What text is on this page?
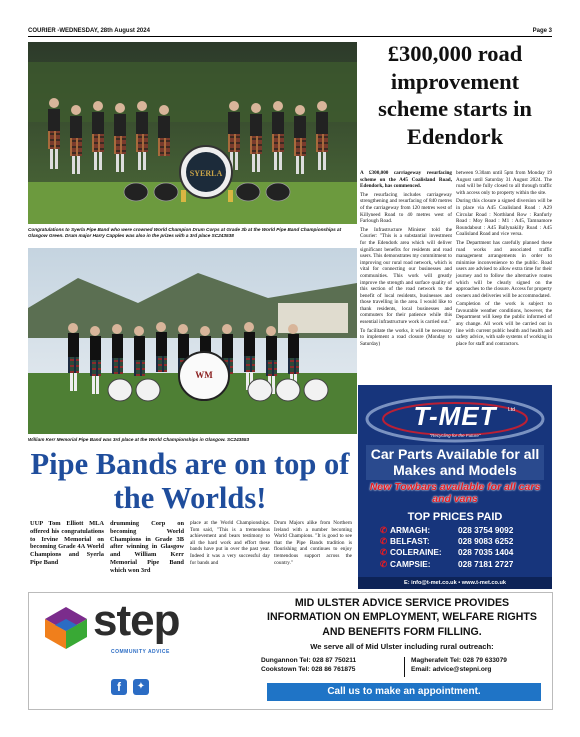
COURIER -WEDNESDAY, 28th August 2024	Page 3
SYERLA
Congratulations to Syerla Pipe Band who were crowned World Champion Drum Corps at Grade 3b at the World Pipe Band Championships at Glasgow Green. Drum major Harry Capples was also in the prizes with a 3rd place SC243538
WM
William Kerr Memorial Pipe Band was 3rd place at the World Championships in Glasgow. SC243553
£300,000 road improvement scheme starts in Edendork

A £300,000 carriageway resurfacing scheme on the A45 Coalisland Road, Edendork, has commenced.

The resurfacing includes carriageway strengthening and resurfacing of 840 metres of the carriageway from 120 metres west of Killyneed Road to 40 metres west of Farlough Road.

The Infrastructure Minister told the Courier: "This is a substantial investment for the Edendork area which will deliver significant benefits for residents and road users. This demonstrates my commitment to improving our rural road network, which is vital for connecting our businesses and communities. This work will greatly improve the strength and surface quality of this section of the road network to the benefit of local residents, businesses and those travelling in the area. I would like to thank residents, local businesses and commuters for their patience while this essential infrastructure work is carried out."

To facilitate the works, it will be necessary to implement a road closure (Monday to Saturday)

between 9.30am until 5pm from Monday 19 August until Saturday 31 August 2024. The road will be fully closed to all through traffic with access only to property within the site.

During this closure a signed diversion will be in place via A45 Coalisland Road : A29 Circular Road : Northland Row : Ranfurly Road : Moy Road : M1 : A45, Tamnamore Roundabout : A45 Ballynakilly Road : A45 Coalisland Road and vice versa.

The Department has carefully planned these road works and associated traffic management arrangements in order to minimise inconvenience to the public. Road users are advised to allow extra time for their journey and to follow the alternative routes which will be clearly signed on the approaches to the closure. Access for property owners and deliveries will be accommodated.

Completion of the work is subject to favourable weather conditions, however, the Department will keep the public informed of any change. All work will be carried out in line with current public health and health and safety advice, with safe systems of working in place for staff and contractors.

Pipe Bands are on top of the Worlds!
UUP Tom Elliott MLA offered his congratulations to Irvine Memorial on becoming Grade 4A World Champions and Syerla Pipe Band
drumming Corp on becoming World Champions in Grade 3B after winning in Glasgow and William Kerr Memorial Pipe Band which won 3rd
place at the World Championships. Tom said, "This is a tremendous achievement and bears testimony to all the hard work and effort these bands have put in over the past year. Indeed it was a very successful day for bands and
Drum Majors alike from Northern Ireland with a number becoming World Champions. "It is good to see that the Pipe Bands tradition is flourishing and continues to enjoy tremendous support across the country."
T-MET	Ltd
"Recycling for the Future"
Car Parts Available for all Makes and Models
New Towbars available for all cars and vans
TOP PRICES PAID
✆ ARMAGH:	028 3754 9092
✆ BELFAST:	028 9083 6252
✆ COLERAINE:	028 7035 1404
✆ CAMPSIE:	028 7181 2727
E: info@t-met.co.uk • www.t-met.co.uk
step
COMMUNITY ADVICE
f	✦
MID ULSTER ADVICE SERVICE PROVIDES INFORMATION ON EMPLOYMENT, WELFARE RIGHTS AND BENEFITS FORM FILLING.
We serve all of Mid Ulster including rural outreach:
Dungannon Tel: 028 87 750211
Cookstown Tel: 028 86 761875
Magherafelt Tel: 028 79 633079
Email: advice@stepni.org
Call us to make an appointment.
